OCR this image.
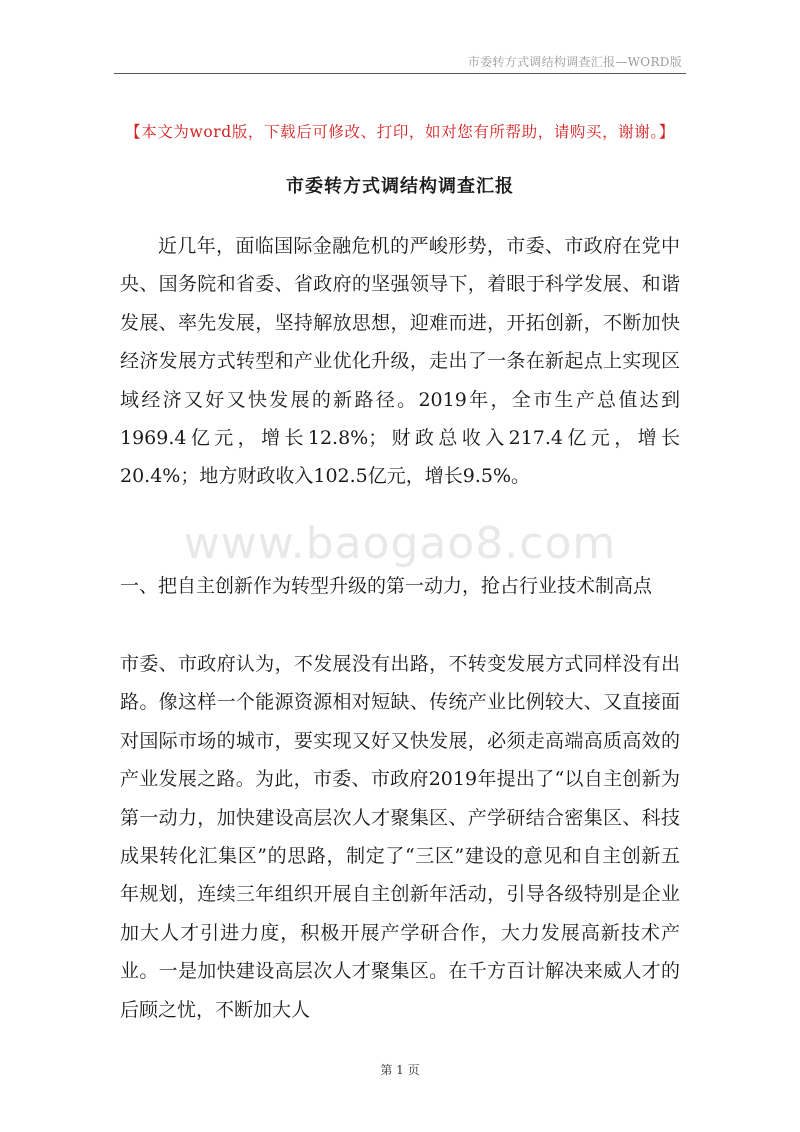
市委转方式调结构调查汇报—WORD版
【本文为word版，下载后可修改、打印，如对您有所帮助，请购买，谢谢。】
市委转方式调结构调查汇报

近几年，面临国际金融危机的严峻形势，市委、市政府在党中央、国务院和省委、省政府的坚强领导下，着眼于科学发展、和谐发展、率先发展，坚持解放思想，迎难而进，开拓创新，不断加快经济发展方式转型和产业优化升级，走出了一条在新起点上实现区域经济又好又快发展的新路径。2019年，全市生产总值达到1969.4亿元，增长12.8%；财政总收入217.4亿元，增长20.4%；地方财政收入102.5亿元，增长9.5%。

www.baogao8.com

一、把自主创新作为转型升级的第一动力，抢占行业技术制高点

市委、市政府认为，不发展没有出路，不转变发展方式同样没有出路。像这样一个能源资源相对短缺、传统产业比例较大、又直接面对国际市场的城市，要实现又好又快发展，必须走高端高质高效的产业发展之路。为此，市委、市政府2019年提出了“以自主创新为第一动力，加快建设高层次人才聚集区、产学研结合密集区、科技成果转化汇集区”的思路，制定了“三区”建设的意见和自主创新五年规划，连续三年组织开展自主创新年活动，引导各级特别是企业加大人才引进力度，积极开展产学研合作，大力发展高新技术产业。一是加快建设高层次人才聚集区。在千方百计解决来威人才的后顾之忧，不断加大人

第 1 页
